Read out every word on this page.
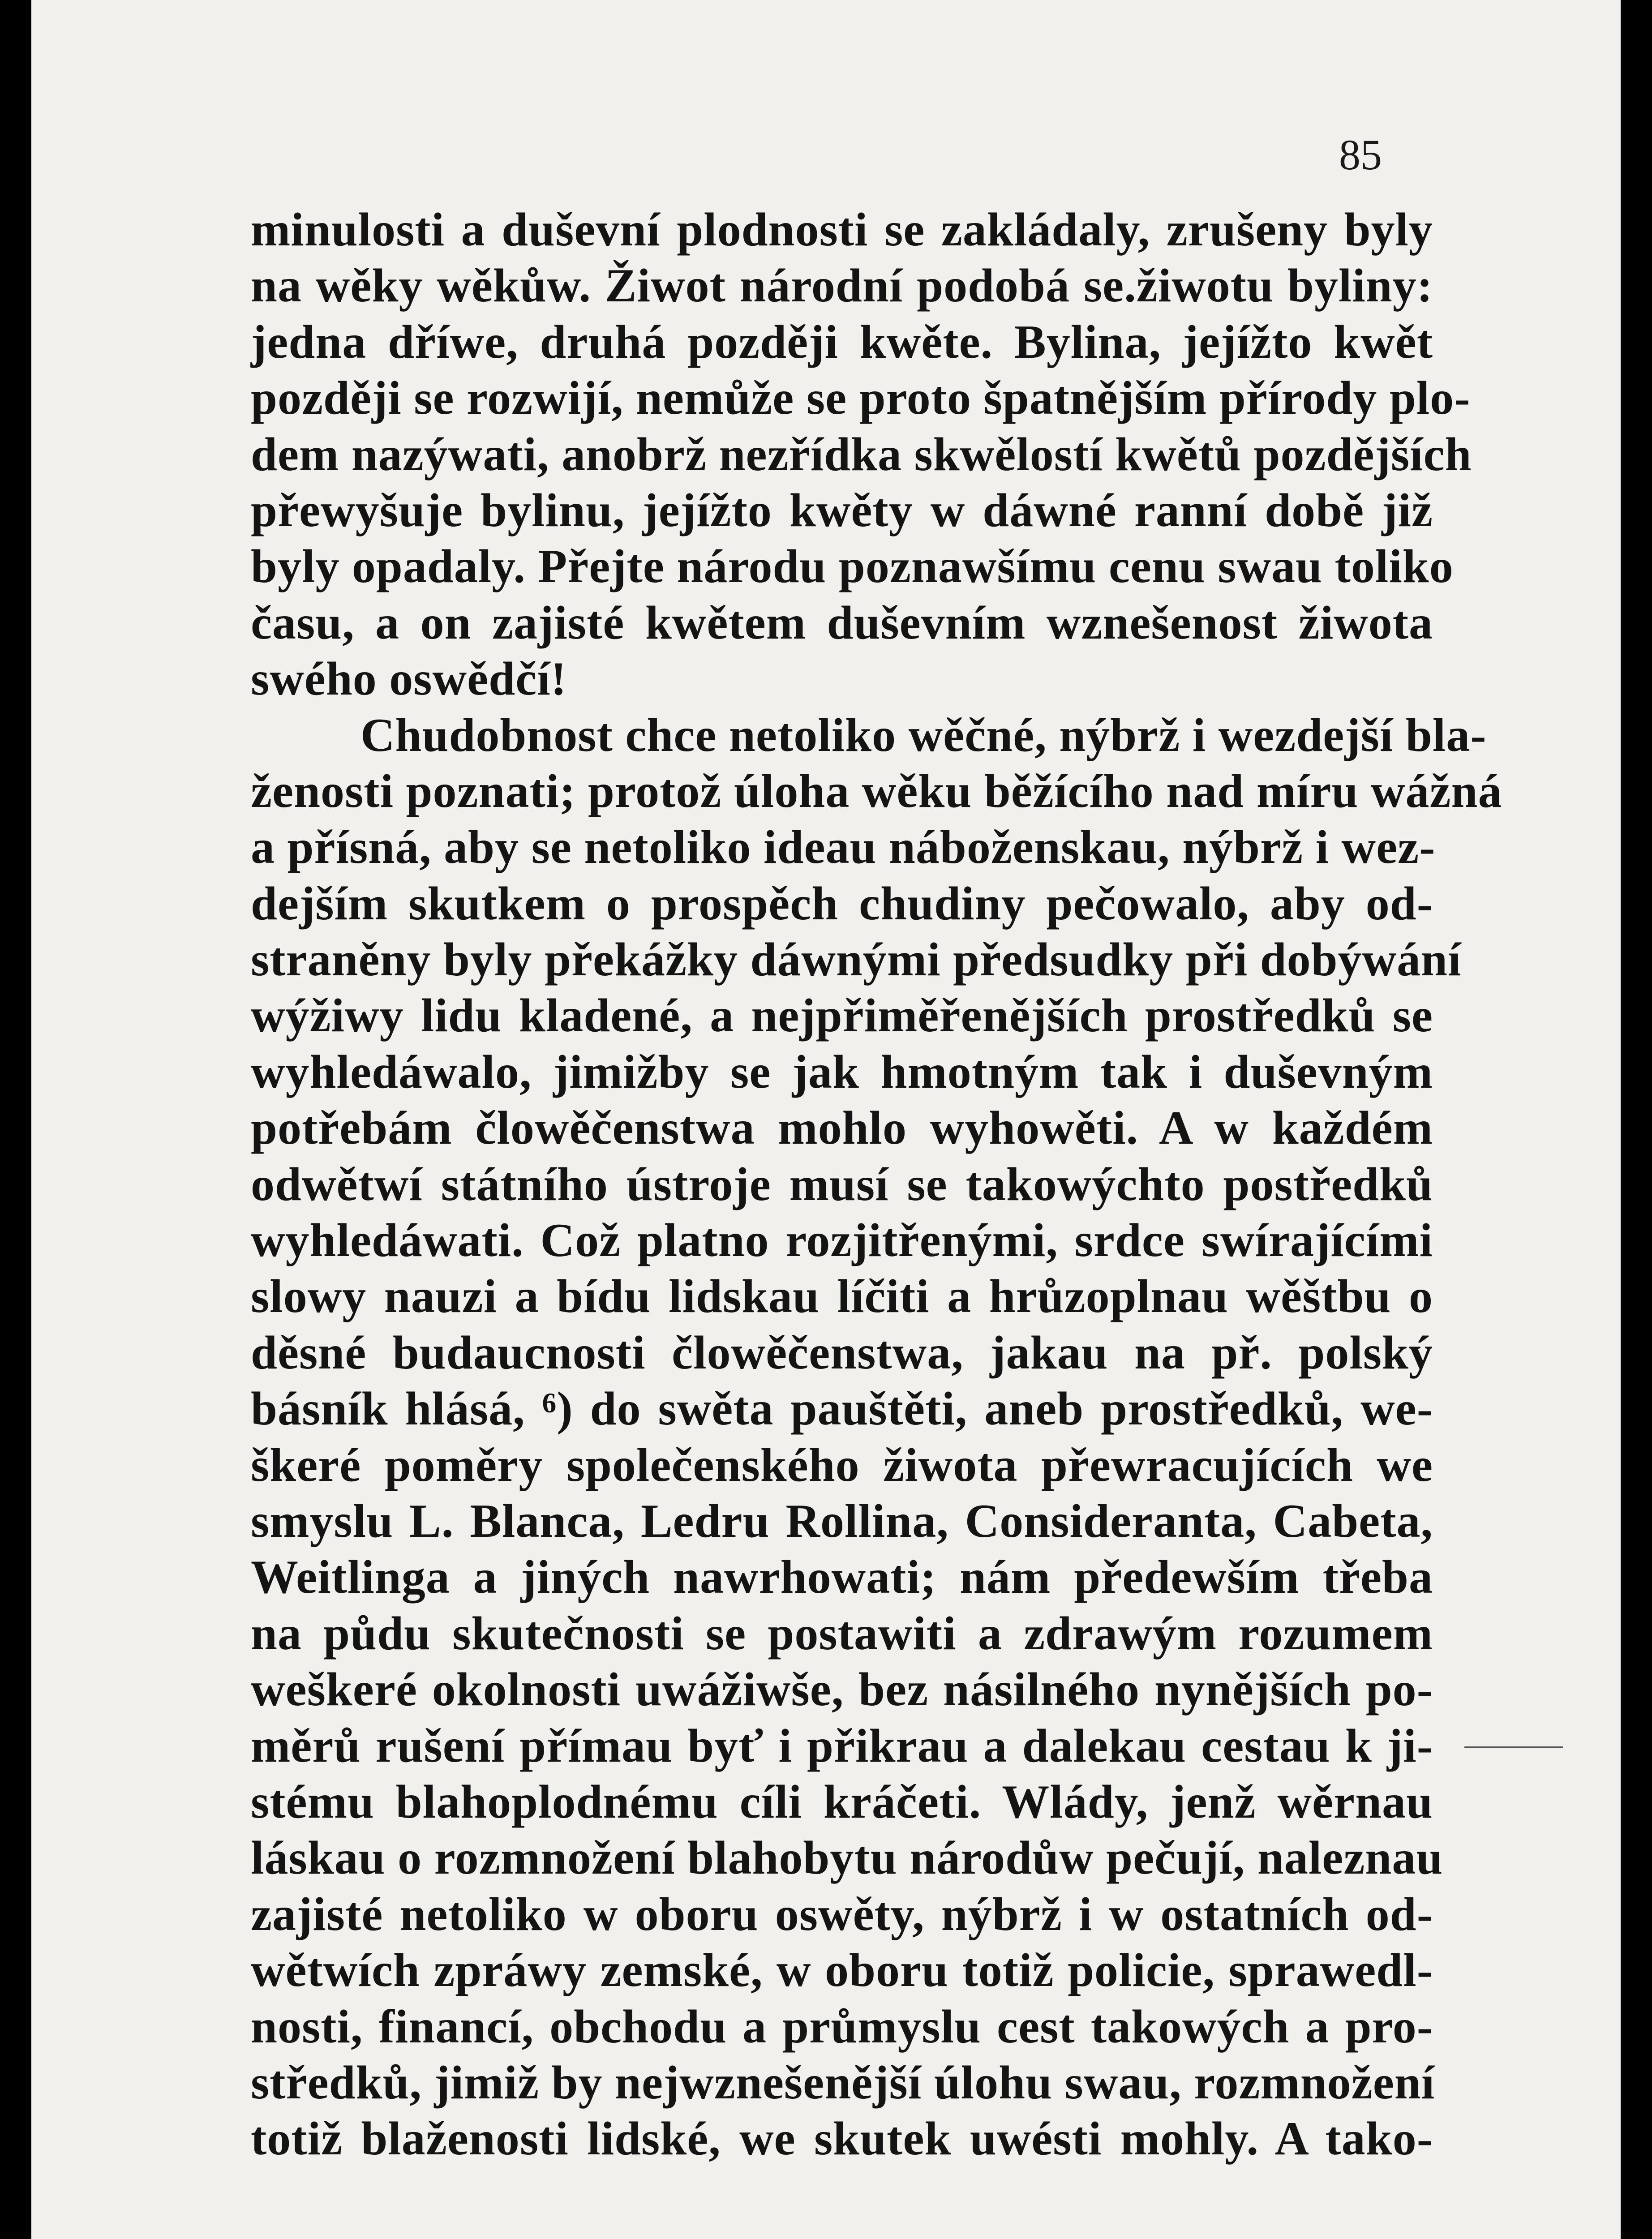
85
minulosti a duševní plodnosti se zakládaly, zrušeny byly
na wěky wěkůw. Žiwot národní podobá se.žiwotu byliny:
jedna dříwe, druhá později kwěte. Bylina, jejížto kwět
později se rozwijí, nemůže se proto špatnějším přírody plo-
dem nazýwati, anobrž nezřídka skwělostí kwětů pozdějších
přewyšuje bylinu, jejížto kwěty w dáwné ranní době již
byly opadaly. Přejte národu poznawšímu cenu swau toliko
času, a on zajisté kwětem duševním wznešenost žiwota
swého oswědčí!
Chudobnost chce netoliko wěčné, nýbrž i wezdejší bla-
ženosti poznati; protož úloha wěku běžícího nad míru wážná
a přísná, aby se netoliko ideau náboženskau, nýbrž i wez-
dejším skutkem o prospěch chudiny pečowalo, aby od-
straněny byly překážky dáwnými předsudky při dobýwání
wýžiwy lidu kladené, a nejpřiměřenějších prostředků se
wyhledáwalo, jimižby se jak hmotným tak i duševným
potřebám člowěčenstwa mohlo wyhowěti. A w každém
odwětwí státního ústroje musí se takowýchto postředků
wyhledáwati. Což platno rozjitřenými, srdce swírajícími
slowy nauzi a bídu lidskau líčiti a hrůzoplnau wěštbu o
děsné budaucnosti člowěčenstwa, jakau na př. polský
básník hlásá, ⁶) do swěta pauštěti, aneb prostředků, we-
škeré poměry společenského žiwota přewracujících we
smyslu L. Blanca, Ledru Rollina, Consideranta, Cabeta,
Weitlinga a jiných nawrhowati; nám předewším třeba
na půdu skutečnosti se postawiti a zdrawým rozumem
weškeré okolnosti uwážiwše, bez násilného nynějších po-
měrů rušení přímau byť i přikrau a dalekau cestau k ji-
stému blahoplodnému cíli kráčeti. Wlády, jenž wěrnau
láskau o rozmnožení blahobytu národůw pečují, naleznau
zajisté netoliko w oboru oswěty, nýbrž i w ostatních od-
wětwích zpráwy zemské, w oboru totiž policie, sprawedl-
nosti, financí, obchodu a průmyslu cest takowých a pro-
středků, jimiž by nejwznešenější úlohu swau, rozmnožení
totiž blaženosti lidské, we skutek uwésti mohly. A tako-
